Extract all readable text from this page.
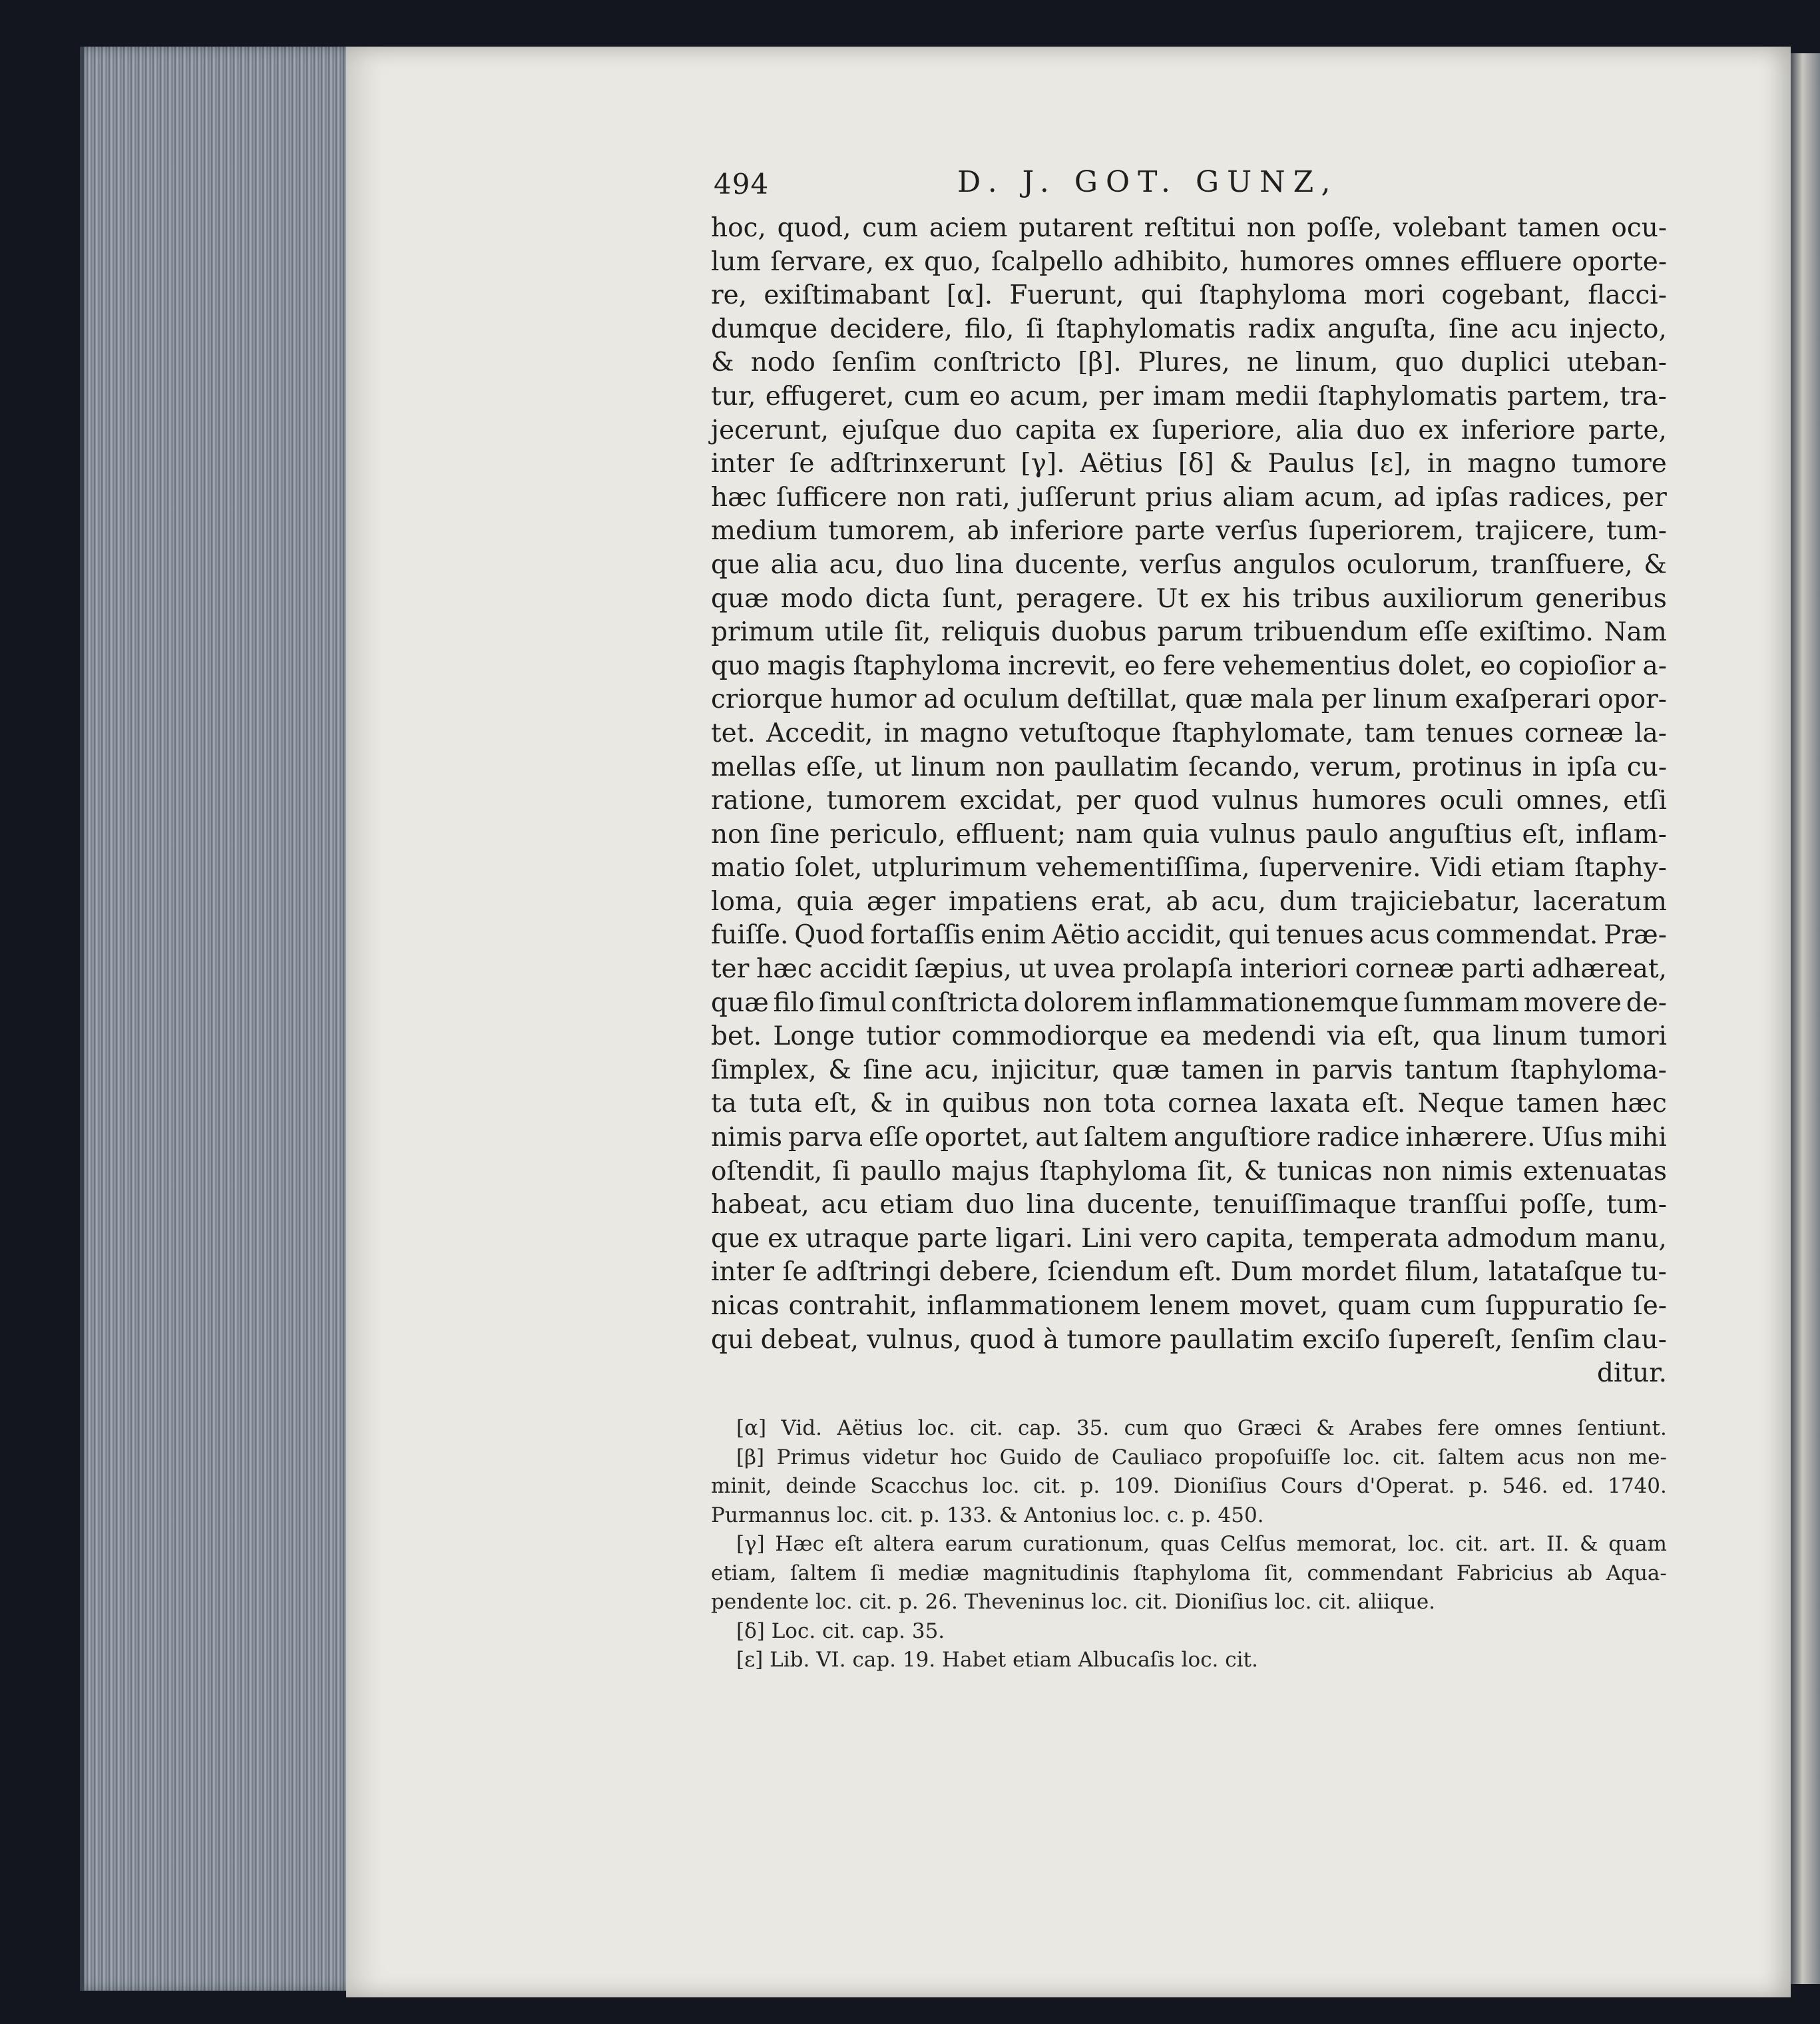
494	D. J. GOT. GUNZ,
hoc, quod, cum aciem putarent reſtitui non poſſe, volebant tamen ocu-
lum ſervare, ex quo, ſcalpello adhibito, humores omnes effluere oporte-
re, exiſtimabant [α]. Fuerunt, qui ſtaphyloma mori cogebant, flacci-
dumque decidere, filo, ſi ſtaphylomatis radix anguſta, ſine acu injecto,
& nodo ſenſim conſtricto [β]. Plures, ne linum, quo duplici uteban-
tur, effugeret, cum eo acum, per imam medii ſtaphylomatis partem, tra-
jecerunt, ejuſque duo capita ex ſuperiore, alia duo ex inferiore parte,
inter ſe adſtrinxerunt [γ]. Aëtius [δ] & Paulus [ε], in magno tumore
hæc ſufficere non rati, juſſerunt prius aliam acum, ad ipſas radices, per
medium tumorem, ab inferiore parte verſus ſuperiorem, trajicere, tum-
que alia acu, duo lina ducente, verſus angulos oculorum, tranſfuere, &
quæ modo dicta ſunt, peragere. Ut ex his tribus auxiliorum generibus
primum utile ſit, reliquis duobus parum tribuendum eſſe exiſtimo. Nam
quo magis ſtaphyloma increvit, eo fere vehementius dolet, eo copioſior a-
criorque humor ad oculum deſtillat, quæ mala per linum exaſperari opor-
tet. Accedit, in magno vetuſtoque ſtaphylomate, tam tenues corneæ la-
mellas eſſe, ut linum non paullatim ſecando, verum, protinus in ipſa cu-
ratione, tumorem excidat, per quod vulnus humores oculi omnes, etſi
non ſine periculo, effluent; nam quia vulnus paulo anguſtius eſt, inflam-
matio ſolet, utplurimum vehementiſſima, ſupervenire. Vidi etiam ſtaphy-
loma, quia æger impatiens erat, ab acu, dum trajiciebatur, laceratum
fuiſſe. Quod fortaſſis enim Aëtio accidit, qui tenues acus commendat. Præ-
ter hæc accidit ſæpius, ut uvea prolapſa interiori corneæ parti adhæreat,
quæ filo ſimul conſtricta dolorem inflammationemque ſummam movere de-
bet. Longe tutior commodiorque ea medendi via eſt, qua linum tumori
ſimplex, & ſine acu, injicitur, quæ tamen in parvis tantum ſtaphyloma-
ta tuta eſt, & in quibus non tota cornea laxata eſt. Neque tamen hæc
nimis parva eſſe oportet, aut ſaltem anguſtiore radice inhærere. Uſus mihi
oſtendit, ſi paullo majus ſtaphyloma ſit, & tunicas non nimis extenuatas
habeat, acu etiam duo lina ducente, tenuiſſimaque tranſſui poſſe, tum-
que ex utraque parte ligari. Lini vero capita, temperata admodum manu,
inter ſe adſtringi debere, ſciendum eſt. Dum mordet filum, latataſque tu-
nicas contrahit, inflammationem lenem movet, quam cum ſuppuratio ſe-
qui debeat, vulnus, quod à tumore paullatim exciſo ſupereſt, ſenſim clau-
ditur.
[α] Vid. Aëtius loc. cit. cap. 35. cum quo Græci & Arabes fere omnes ſentiunt.
[β] Primus videtur hoc Guido de Cauliaco propoſuiſſe loc. cit. ſaltem acus non me-
minit, deinde Scacchus loc. cit. p. 109. Dioniſius Cours d'Operat. p. 546. ed. 1740.
Purmannus loc. cit. p. 133. & Antonius loc. c. p. 450.
[γ] Hæc eſt altera earum curationum, quas Celſus memorat, loc. cit. art. II. & quam
etiam, ſaltem ſi mediæ magnitudinis ſtaphyloma ſit, commendant Fabricius ab Aqua-
pendente loc. cit. p. 26. Theveninus loc. cit. Dioniſius loc. cit. aliique.
[δ] Loc. cit. cap. 35.
[ε] Lib. VI. cap. 19. Habet etiam Albucaſis loc. cit.
